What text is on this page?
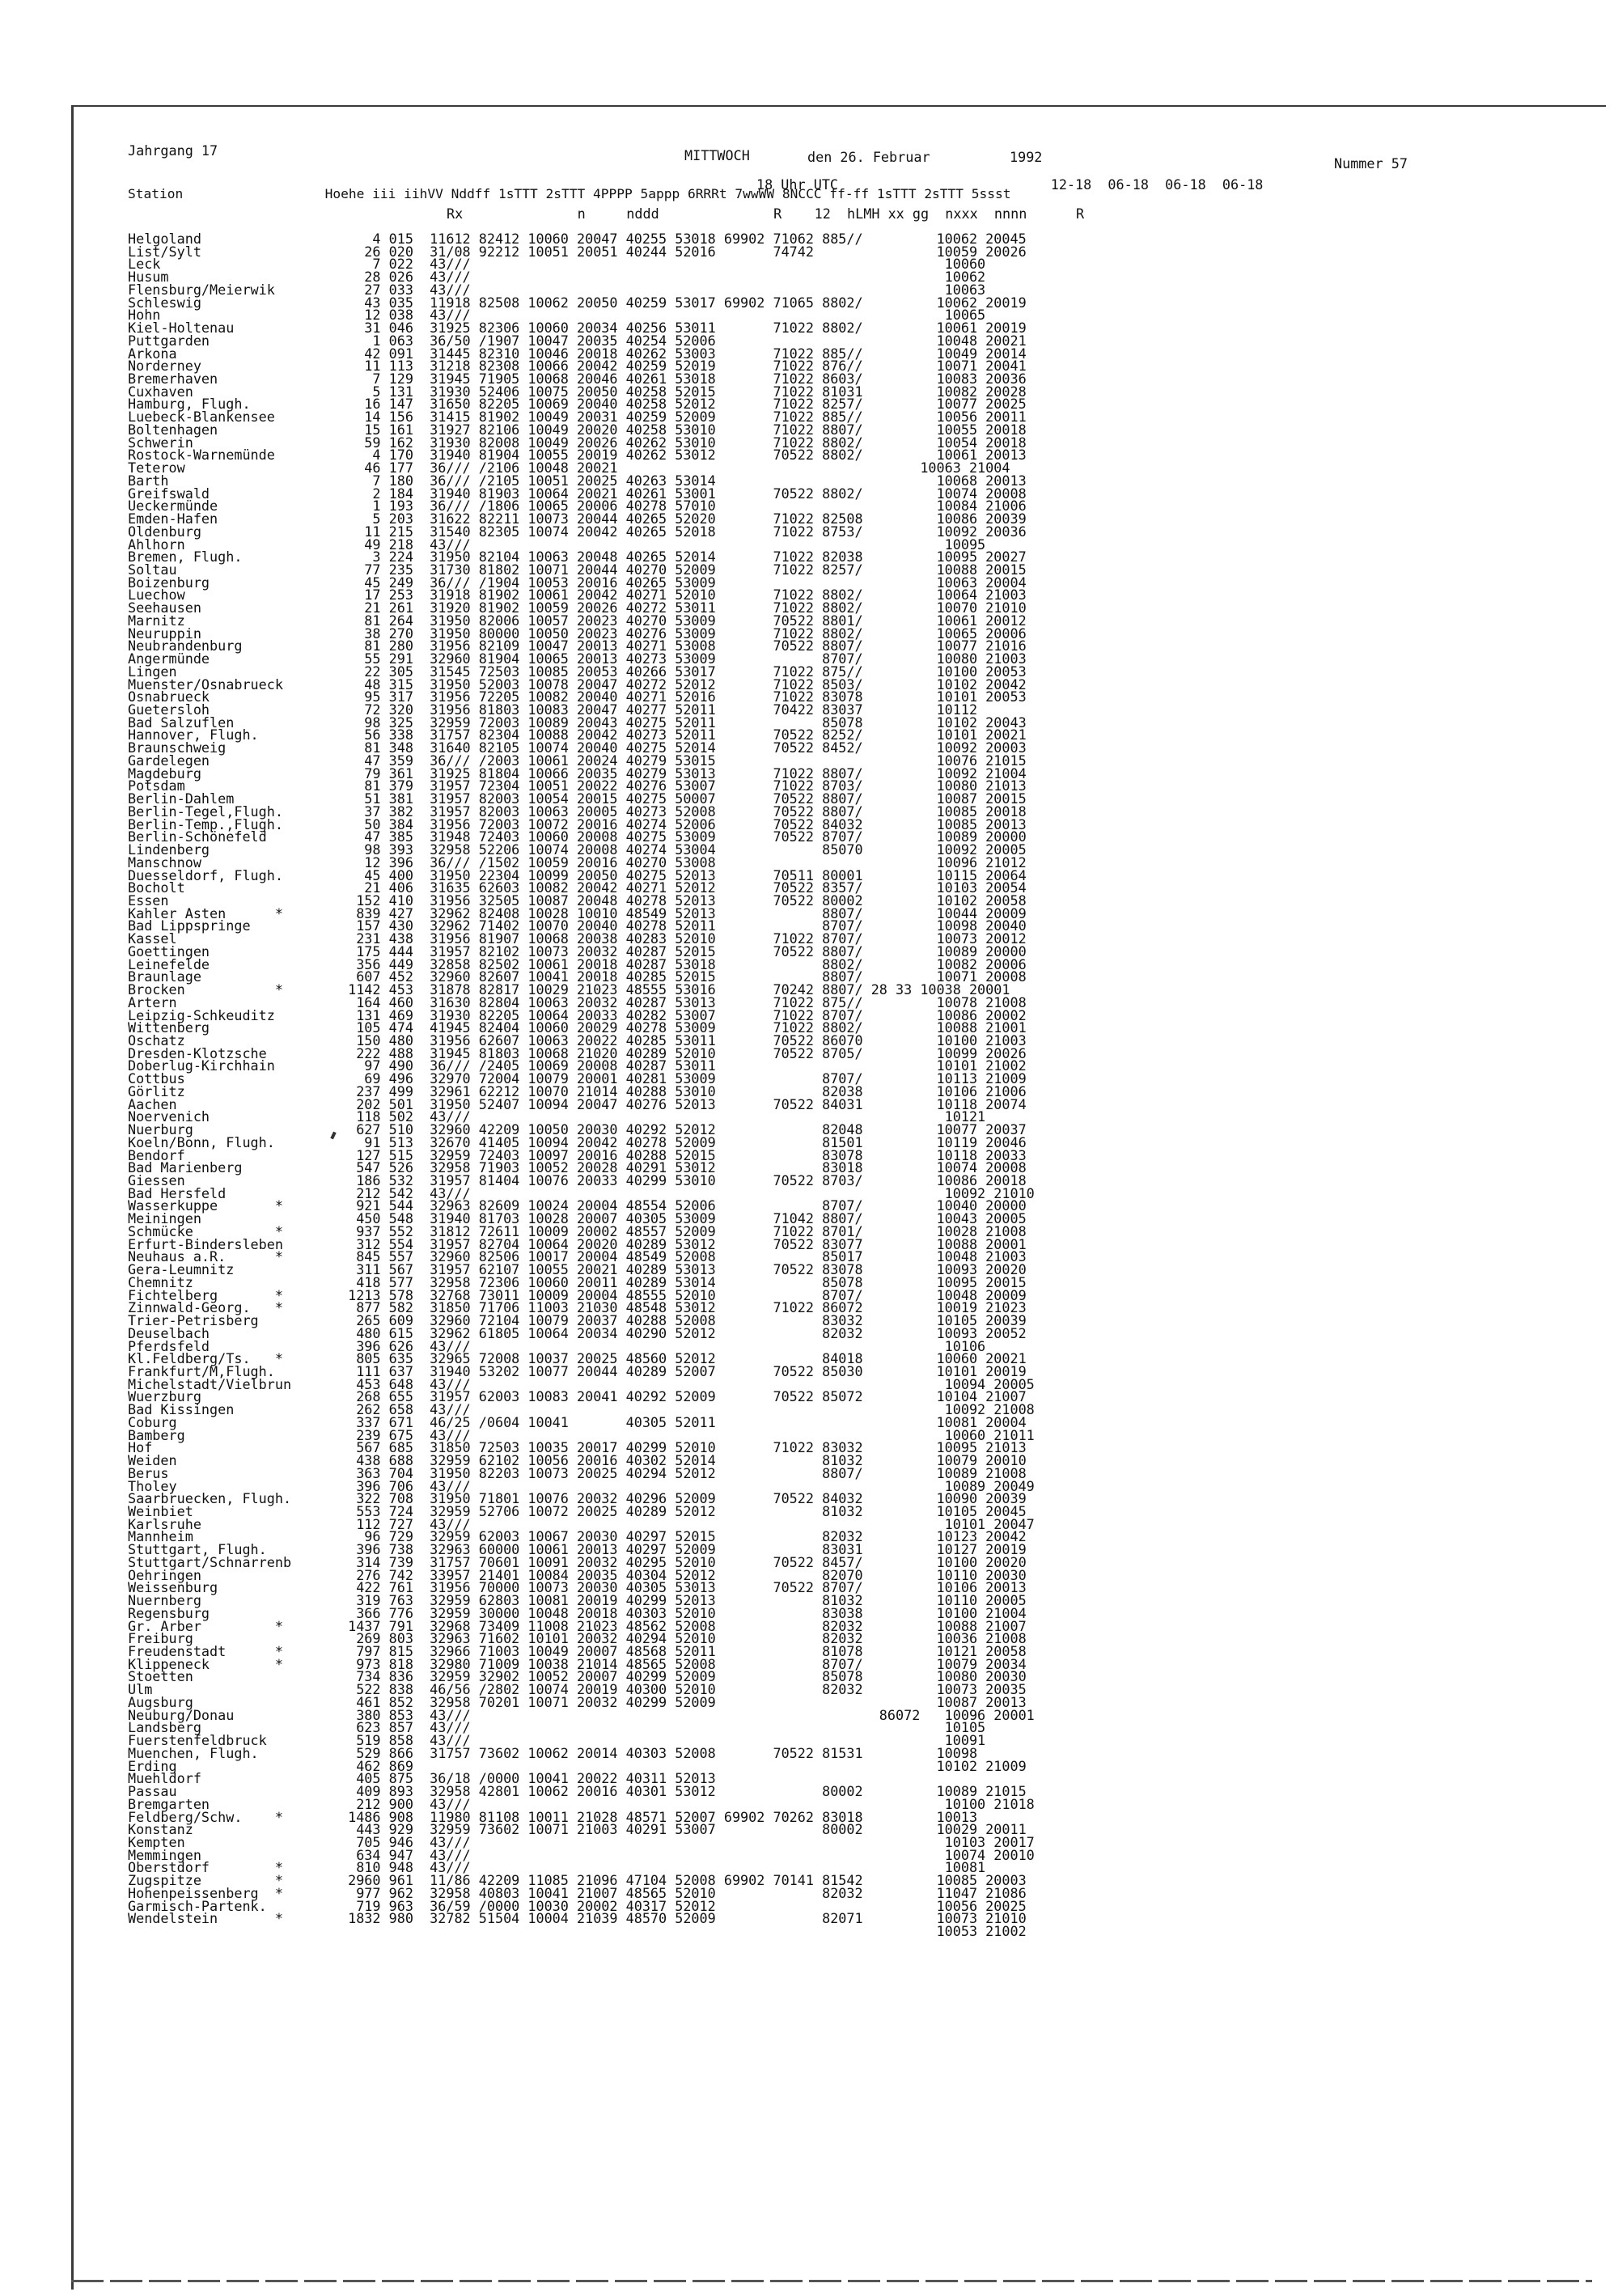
Jahrgang 17	MITTWOCH	den 26. Februar	1992	Nummer 57
18 Uhr UTC                          12-18  06-18  06-18  06-18
Station                  Hoehe iii iihVV Nddff 1sTTT 2sTTT 4PPPP 5appp 6RRRt 7wwWW 8NCCC ff-ff 1sTTT 2sTTT 5ssst
Rx              n     nddd              R    12  hLMH xx gg  nxxx  nnnn      R
Helgoland	4 015  11612 82412 10060 20047 40255 53018 69902 71062 885//         10062 20045
List/Sylt	26 020  31/08 92212 10051 20051 40244 52016       74742               10059 20026
Leck	7 022  43///                                                          10060
Husum	28 026  43///                                                          10062
Flensburg/Meierwik	27 033  43///                                                          10063
Schleswig	43 035  11918 82508 10062 20050 40259 53017 69902 71065 8802/         10062 20019
Hohn	12 038  43///                                                          10065
Kiel-Holtenau	31 046  31925 82306 10060 20034 40256 53011       71022 8802/         10061 20019
Puttgarden	1 063  36/50 /1907 10047 20035 40254 52006                           10048 20021
Arkona	42 091  31445 82310 10046 20018 40262 53003       71022 885//         10049 20014
Norderney	11 113  31218 82308 10066 20042 40259 52019       71022 876//         10071 20041
Bremerhaven	7 129  31945 71905 10068 20046 40261 53018       71022 8603/         10083 20036
Cuxhaven	5 131  31930 52406 10075 20050 40258 52015       71022 81031         10082 20028
Hamburg, Flugh.	16 147  31650 82205 10069 20040 40258 52012       71022 8257/         10077 20025
Luebeck-Blankensee	14 156  31415 81902 10049 20031 40259 52009       71022 885//         10056 20011
Boltenhagen	15 161  31927 82106 10049 20020 40258 53010       71022 8807/         10055 20018
Schwerin	59 162  31930 82008 10049 20026 40262 53010       71022 8802/         10054 20018
Rostock-Warnemünde	4 170  31940 81904 10055 20019 40262 53012       70522 8802/         10061 20013
Teterow	46 177  36/// /2106 10048 20021                                     10063 21004
Barth	7 180  36/// /2105 10051 20025 40263 53014                           10068 20013
Greifswald	2 184  31940 81903 10064 20021 40261 53001       70522 8802/         10074 20008
Ueckermünde	1 193  36/// /1806 10065 20006 40278 57010                           10084 21006
Emden-Hafen	5 203  31622 82211 10073 20044 40265 52020       71022 82508         10086 20039
Oldenburg	11 215  31540 82305 10074 20042 40265 52018       71022 8753/         10092 20036
Ahlhorn	49 218  43///                                                          10095
Bremen, Flugh.	3 224  31950 82104 10063 20048 40265 52014       71022 82038         10095 20027
Soltau	77 235  31730 81802 10071 20044 40270 52009       71022 8257/         10088 20015
Boizenburg	45 249  36/// /1904 10053 20016 40265 53009                           10063 20004
Luechow	17 253  31918 81902 10061 20042 40271 52010       71022 8802/         10064 21003
Seehausen	21 261  31920 81902 10059 20026 40272 53011       71022 8802/         10070 21010
Marnitz	81 264  31950 82006 10057 20023 40270 53009       70522 8801/         10061 20012
Neuruppin	38 270  31950 80000 10050 20023 40276 53009       71022 8802/         10065 20006
Neubrandenburg	81 280  31956 82109 10047 20013 40271 53008       70522 8807/         10077 21016
Angermünde	55 291  32960 81904 10065 20013 40273 53009             8707/         10080 21003
Lingen	22 305  31545 72503 10085 20053 40266 53017       71022 875//         10100 20053
Muenster/Osnabrueck	48 315  31950 52003 10078 20047 40272 52012       71022 8503/         10102 20042
Osnabrueck	95 317  31956 72205 10082 20040 40271 52016       71022 83078         10101 20053
Guetersloh	72 320  31956 81803 10083 20047 40277 52011       70422 83037         10112
Bad Salzuflen	98 325  32959 72003 10089 20043 40275 52011             85078         10102 20043
Hannover, Flugh.	56 338  31757 82304 10088 20042 40273 52011       70522 8252/         10101 20021
Braunschweig	81 348  31640 82105 10074 20040 40275 52014       70522 8452/         10092 20003
Gardelegen	47 359  36/// /2003 10061 20024 40279 53015                           10076 21015
Magdeburg	79 361  31925 81804 10066 20035 40279 53013       71022 8807/         10092 21004
Potsdam	81 379  31957 72304 10051 20022 40276 53007       71022 8703/         10080 21013
Berlin-Dahlem	51 381  31957 82003 10054 20015 40275 50007       70522 8807/         10087 20015
Berlin-Tegel,Flugh.	37 382  31957 82003 10063 20005 40273 52008       70522 8807/         10085 20018
Berlin-Temp.,Flugh.	50 384  31956 72003 10072 20016 40274 52006       70522 84032         10085 20013
Berlin-Schönefeld	47 385  31948 72403 10060 20008 40275 53009       70522 8707/         10089 20000
Lindenberg	98 393  32958 52206 10074 20008 40274 53004             85070         10092 20005
Manschnow	12 396  36/// /1502 10059 20016 40270 53008                           10096 21012
Duesseldorf, Flugh.	45 400  31950 22304 10099 20050 40275 52013       70511 80001         10115 20064
Bocholt	21 406  31635 62603 10082 20042 40271 52012       70522 8357/         10103 20054
Essen	152 410  31956 32505 10087 20048 40278 52013       70522 80002         10102 20058
Kahler Asten      *	839 427  32962 82408 10028 10010 48549 52013             8807/         10044 20009
Bad Lippspringe	157 430  32962 71402 10070 20040 40278 52011             8707/         10098 20040
Kassel	231 438  31956 81907 10068 20038 40283 52010       71022 8707/         10073 20012
Goettingen	175 444  31957 82102 10073 20032 40287 52015       70522 8807/         10089 20000
Leinefelde	356 449  32858 82502 10061 20018 40287 53018             8802/         10082 20006
Braunlage	607 452  32960 82607 10041 20018 40285 52015             8807/         10071 20008
Brocken           *	1142 453  31878 82817 10029 21023 48555 53016       70242 8807/ 28 33 10038 20001
Artern	164 460  31630 82804 10063 20032 40287 53013       71022 875//         10078 21008
Leipzig-Schkeuditz	131 469  31930 82205 10064 20033 40282 53007       71022 8707/         10086 20002
Wittenberg	105 474  41945 82404 10060 20029 40278 53009       71022 8802/         10088 21001
Oschatz	150 480  31956 62607 10063 20022 40285 53011       70522 86070         10100 21003
Dresden-Klotzsche	222 488  31945 81803 10068 21020 40289 52010       70522 8705/         10099 20026
Doberlug-Kirchhain	97 490  36/// /2405 10069 20008 40287 53011                           10101 21002
Cottbus	69 496  32970 72004 10079 20001 40281 53009             8707/         10113 21009
Görlitz	237 499  32961 62212 10070 21014 40288 53010             82038         10106 21006
Aachen	202 501  31950 52407 10094 20047 40276 52013       70522 84031         10118 20074
Noervenich	118 502  43///                                                          10121
Nuerburg	627 510  32960 42209 10050 20030 40292 52012             82048         10077 20037
Koeln/Bonn, Flugh.	91 513  32670 41405 10094 20042 40278 52009             81501         10119 20046
Bendorf	127 515  32959 72403 10097 20016 40288 52015             83078         10118 20033
Bad Marienberg	547 526  32958 71903 10052 20028 40291 53012             83018         10074 20008
Giessen	186 532  31957 81404 10076 20033 40299 53010       70522 8703/         10086 20018
Bad Hersfeld	212 542  43///                                                          10092 21010
Wasserkuppe       *	921 544  32963 82609 10024 20004 48554 52006             8707/         10040 20000
Meiningen	450 548  31940 81703 10028 20007 40305 53009       71042 8807/         10043 20005
Schmücke          *	937 552  31812 72611 10009 20002 48557 52009       71022 8701/         10028 21008
Erfurt-Bindersleben	312 554  31957 82704 10064 20020 40289 53012       70522 83077         10088 20001
Neuhaus a.R.      *	845 557  32960 82506 10017 20004 48549 52008             85017         10048 21003
Gera-Leumnitz	311 567  31957 62107 10055 20021 40289 53013       70522 83078         10093 20020
Chemnitz	418 577  32958 72306 10060 20011 40289 53014             85078         10095 20015
Fichtelberg       *	1213 578  32768 73011 10009 20004 48555 52010             8707/         10048 20009
Zinnwald-Georg.   *	877 582  31850 71706 11003 21030 48548 53012       71022 86072         10019 21023
Trier-Petrisberg	265 609  32960 72104 10079 20037 40288 52008             83032         10105 20039
Deuselbach	480 615  32962 61805 10064 20034 40290 52012             82032         10093 20052
Pferdsfeld	396 626  43///                                                          10106
Kl.Feldberg/Ts.   *	805 635  32965 72008 10037 20025 48560 52012             84018         10060 20021
Frankfurt/M,Flugh.	111 637  31940 53202 10077 20044 40289 52007       70522 85030         10101 20019
Michelstadt/Vielbrun	453 648  43///                                                          10094 20005
Wuerzburg	268 655  31957 62003 10083 20041 40292 52009       70522 85072         10104 21007
Bad Kissingen	262 658  43///                                                          10092 21008
Coburg	337 671  46/25 /0604 10041       40305 52011                           10081 20004
Bamberg	239 675  43///                                                          10060 21011
Hof	567 685  31850 72503 10035 20017 40299 52010       71022 83032         10095 21013
Weiden	438 688  32959 62102 10056 20016 40302 52014             81032         10079 20010
Berus	363 704  31950 82203 10073 20025 40294 52012             8807/         10089 21008
Tholey	396 706  43///                                                          10089 20049
Saarbruecken, Flugh.	322 708  31950 71801 10076 20032 40296 52009       70522 84032         10090 20039
Weinbiet	553 724  32959 52706 10072 20025 40289 52012             81032         10105 20045
Karlsruhe	112 727  43///                                                          10101 20047
Mannheim	96 729  32959 62003 10067 20030 40297 52015             82032         10123 20042
Stuttgart, Flugh.	396 738  32963 60000 10061 20013 40297 52009             83031         10127 20019
Stuttgart/Schnarrenb	314 739  31757 70601 10091 20032 40295 52010       70522 8457/         10100 20020
Oehringen	276 742  33957 21401 10084 20035 40304 52012             82070         10110 20030
Weissenburg	422 761  31956 70000 10073 20030 40305 53013       70522 8707/         10106 20013
Nuernberg	319 763  32959 62803 10081 20019 40299 52013             81032         10110 20005
Regensburg	366 776  32959 30000 10048 20018 40303 52010             83038         10100 21004
Gr. Arber         *	1437 791  32968 73409 11008 21023 48562 52008             82032         10088 21007
Freiburg	269 803  32963 71602 10101 20032 40294 52010             82032         10036 21008
Freudenstadt      *	797 815  32966 71003 10049 20007 48568 52011             81078         10121 20058
Klippeneck        *	973 818  32980 71009 10038 21014 48565 52008             8707/         10079 20034
Stoetten	734 836  32959 32902 10052 20007 40299 52009             85078         10080 20030
Ulm	522 838  46/56 /2802 10074 20019 40300 52010             82032         10073 20035
Augsburg	461 852  32958 70201 10071 20032 40299 52009                           10087 20013
Neuburg/Donau	380 853  43///                                                  86072   10096 20001
Landsberg	623 857  43///                                                          10105
Fuerstenfeldbruck	519 858  43///                                                          10091
Muenchen, Flugh.	529 866  31757 73602 10062 20014 40303 52008       70522 81531         10098
Erding	462 869                                                                10102 21009
Muehldorf	405 875  36/18 /0000 10041 20022 40311 52013
Passau	409 893  32958 42801 10062 20016 40301 53012             80002         10089 21015
Bremgarten	212 900  43///                                                          10100 21018
Feldberg/Schw.    *	1486 908  11980 81108 10011 21028 48571 52007 69902 70262 83018         10013
Konstanz	443 929  32959 73602 10071 21003 40291 53007             80002         10029 20011
Kempten	705 946  43///                                                          10103 20017
Memmingen	634 947  43///                                                          10074 20010
Oberstdorf        *	810 948  43///                                                          10081
Zugspitze         *	2960 961  11/86 42209 11085 21096 47104 52008 69902 70141 81542         10085 20003
Hohenpeissenberg  *	977 962  32958 40803 10041 21007 48565 52010             82032         11047 21086
Garmisch-Partenk.	719 963  36/59 /0000 10030 20002 40317 52012                           10056 20025
Wendelstein       *	1832 980  32782 51504 10004 21039 48570 52009             82071         10073 21010
10053 21002
